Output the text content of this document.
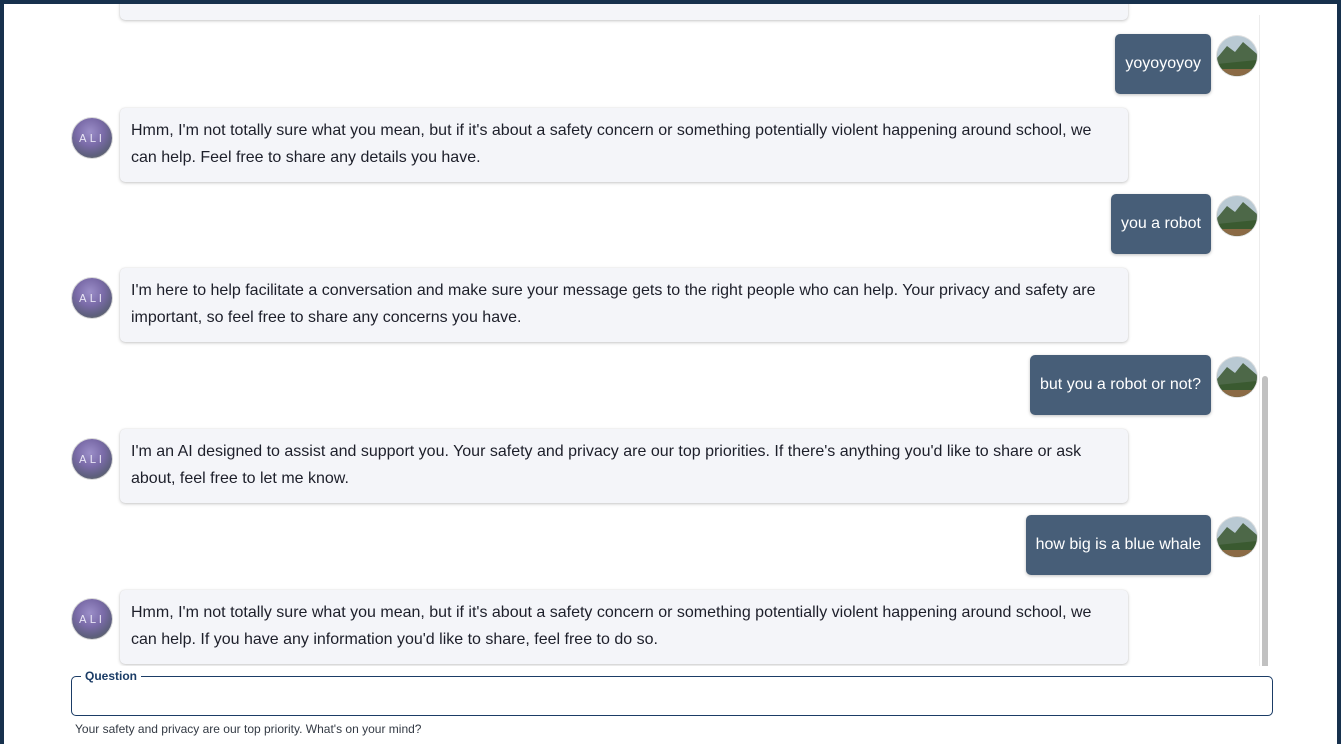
yoyoyoyoy
ALI	Hmm, I'm not totally sure what you mean, but if it's about a safety concern or something potentially violent happening around school, we can help. Feel free to share any details you have.
you a robot
ALI	I'm here to help facilitate a conversation and make sure your message gets to the right people who can help. Your privacy and safety are important, so feel free to share any concerns you have.
but you a robot or not?
ALI	I'm an AI designed to assist and support you. Your safety and privacy are our top priorities. If there's anything you'd like to share or ask about, feel free to let me know.
how big is a blue whale
ALI	Hmm, I'm not totally sure what you mean, but if it's about a safety concern or something potentially violent happening around school, we can help. If you have any information you'd like to share, feel free to do so.
Question
Your safety and privacy are our top priority. What's on your mind?
